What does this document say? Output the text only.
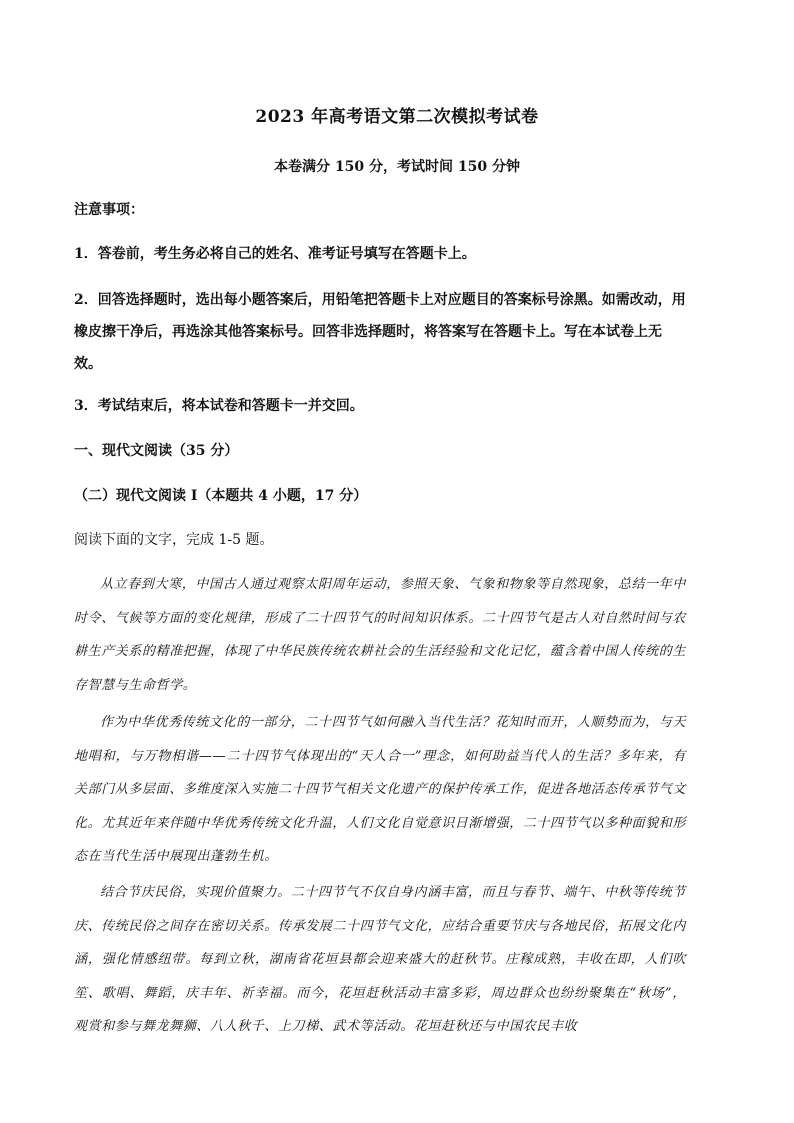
2023 年高考语文第二次模拟考试卷
本卷满分 150 分，考试时间 150 分钟
注意事项：
1．答卷前，考生务必将自己的姓名、准考证号填写在答题卡上。
2．回答选择题时，选出每小题答案后，用铅笔把答题卡上对应题目的答案标号涂黑。如需改动，用橡皮擦干净后，再选涂其他答案标号。回答非选择题时，将答案写在答题卡上。写在本试卷上无效。
3．考试结束后，将本试卷和答题卡一并交回。
一、现代文阅读（35 分）
（二）现代文阅读 I（本题共 4 小题，17 分）
阅读下面的文字，完成 1-5 题。
从立春到大寒，中国古人通过观察太阳周年运动，参照天象、气象和物象等自然现象，总结一年中时令、气候等方面的变化规律，形成了二十四节气的时间知识体系。二十四节气是古人对自然时间与农耕生产关系的精准把握，体现了中华民族传统农耕社会的生活经验和文化记忆，蕴含着中国人传统的生存智慧与生命哲学。
作为中华优秀传统文化的一部分，二十四节气如何融入当代生活？花知时而开，人顺势而为，与天地唱和，与万物相谐——二十四节气体现出的“天人合一”理念，如何助益当代人的生活？多年来，有关部门从多层面、多维度深入实施二十四节气相关文化遗产的保护传承工作，促进各地活态传承节气文化。尤其近年来伴随中华优秀传统文化升温，人们文化自觉意识日渐增强，二十四节气以多种面貌和形态在当代生活中展现出蓬勃生机。
结合节庆民俗，实现价值聚力。二十四节气不仅自身内涵丰富，而且与春节、端午、中秋等传统节庆、传统民俗之间存在密切关系。传承发展二十四节气文化，应结合重要节庆与各地民俗，拓展文化内涵，强化情感纽带。每到立秋，湖南省花垣县都会迎来盛大的赶秋节。庄稼成熟，丰收在即，人们吹笙、歌唱、舞蹈，庆丰年、祈幸福。而今，花垣赶秋活动丰富多彩，周边群众也纷纷聚集在“秋场”，观赏和参与舞龙舞狮、八人秋千、上刀梯、武术等活动。花垣赶秋还与中国农民丰收
